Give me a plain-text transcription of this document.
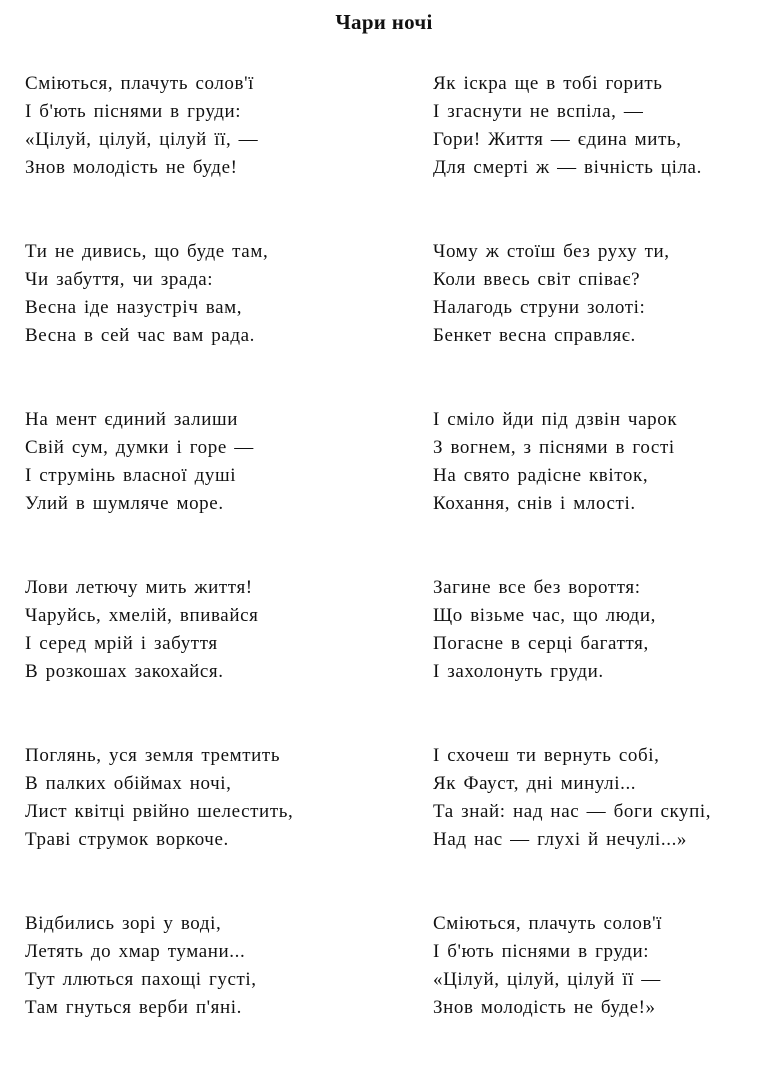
Чари ночі
Сміються, плачуть солов'ї
І б'ють піснями в груди:
«Цілуй, цілуй, цілуй її, —
Знов молодість не буде!
Ти не дивись, що буде там,
Чи забуття, чи зрада:
Весна іде назустріч вам,
Весна в сей час вам рада.
На мент єдиний залиши
Свій сум, думки і горе —
І струмінь власної душі
Улий в шумляче море.
Лови летючу мить життя!
Чаруйсь, хмелій, впивайся
І серед мрій і забуття
В розкошах закохайся.
Поглянь, уся земля тремтить
В палких обіймах ночі,
Лист квітці рвійно шелестить,
Траві струмок воркоче.
Відбились зорі у воді,
Летять до хмар тумани...
Тут ллються пахощі густі,
Там гнуться верби п'яні.
Як іскра ще в тобі горить
І згаснути не вспіла, —
Гори! Життя — єдина мить,
Для смерті ж — вічність ціла.
Чому ж стоїш без руху ти,
Коли ввесь світ співає?
Налагодь струни золоті:
Бенкет весна справляє.
І сміло йди під дзвін чарок
З вогнем, з піснями в гості
На свято радісне квіток,
Кохання, снів і млості.
Загине все без вороття:
Що візьме час, що люди,
Погасне в серці багаття,
І захолонуть груди.
І схочеш ти вернуть собі,
Як Фауст, дні минулі...
Та знай: над нас — боги скупі,
Над нас — глухі й нечулі...»
Сміються, плачуть солов'ї
І б'ють піснями в груди:
«Цілуй, цілуй, цілуй її —
Знов молодість не буде!»
